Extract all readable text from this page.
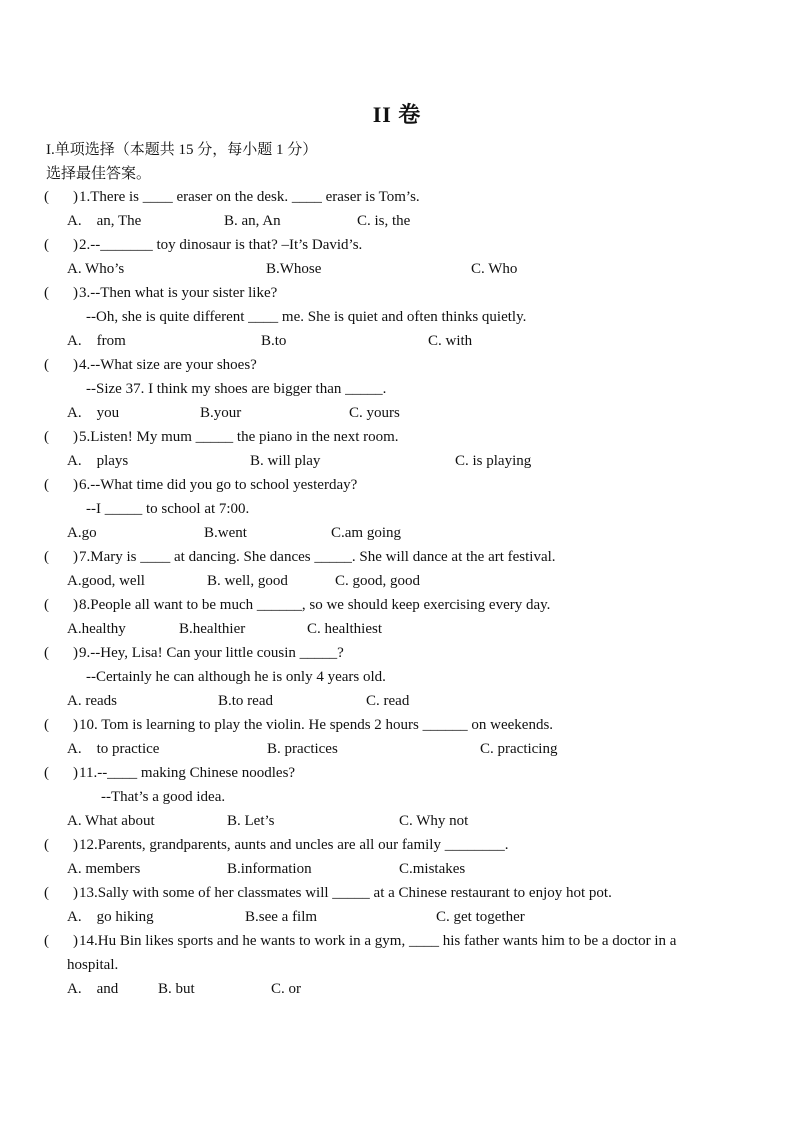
II 卷
I.单项选择（本题共 15 分，每小题 1 分）
选择最佳答案。
( ) 1.There is ____ eraser on the desk. ____ eraser is Tom’s.
A.　an, The	B. an, An	C. is, the
( ) 2.--_______ toy dinosaur is that? –It’s David’s.
A. Who’s	B.Whose	C. Who
( ) 3.--Then what is your sister like?
--Oh, she is quite different ____ me. She is quiet and often thinks quietly.
A.　from	B.to	C. with
( ) 4.--What size are your shoes?
--Size 37. I think my shoes are bigger than _____.
A.　you	B.your	C. yours
( ) 5.Listen! My mum _____ the piano in the next room.
A.　plays	B. will play	C. is playing
( ) 6.--What time did you go to school yesterday?
--I _____ to school at 7:00.
A.go	B.went	C.am going
( ) 7.Mary is ____ at dancing. She dances _____. She will dance at the art festival.
A.good, well	B. well, good	C. good, good
( ) 8.People all want to be much ______, so we should keep exercising every day.
A.healthy	B.healthier	C. healthiest
( ) 9.--Hey, Lisa! Can your little cousin _____?
--Certainly he can although he is only 4 years old.
A. reads	B.to read	C. read
( ) 10. Tom is learning to play the violin. He spends 2 hours ______ on weekends.
A.　to practice	B. practices	C. practicing
( ) 11.--____ making Chinese noodles?
--That’s a good idea.
A. What about	B. Let’s	C. Why not
( ) 12.Parents, grandparents, aunts and uncles are all our family ________.
A. members	B.information	C.mistakes
( ) 13.Sally with some of her classmates will _____ at a Chinese restaurant to enjoy hot pot.
A.　go hiking	B.see a film	C. get together
( ) 14.Hu Bin likes sports and he wants to work in a gym, ____ his father wants him to be a doctor in a
hospital.
A.　and	B. but	C. or
